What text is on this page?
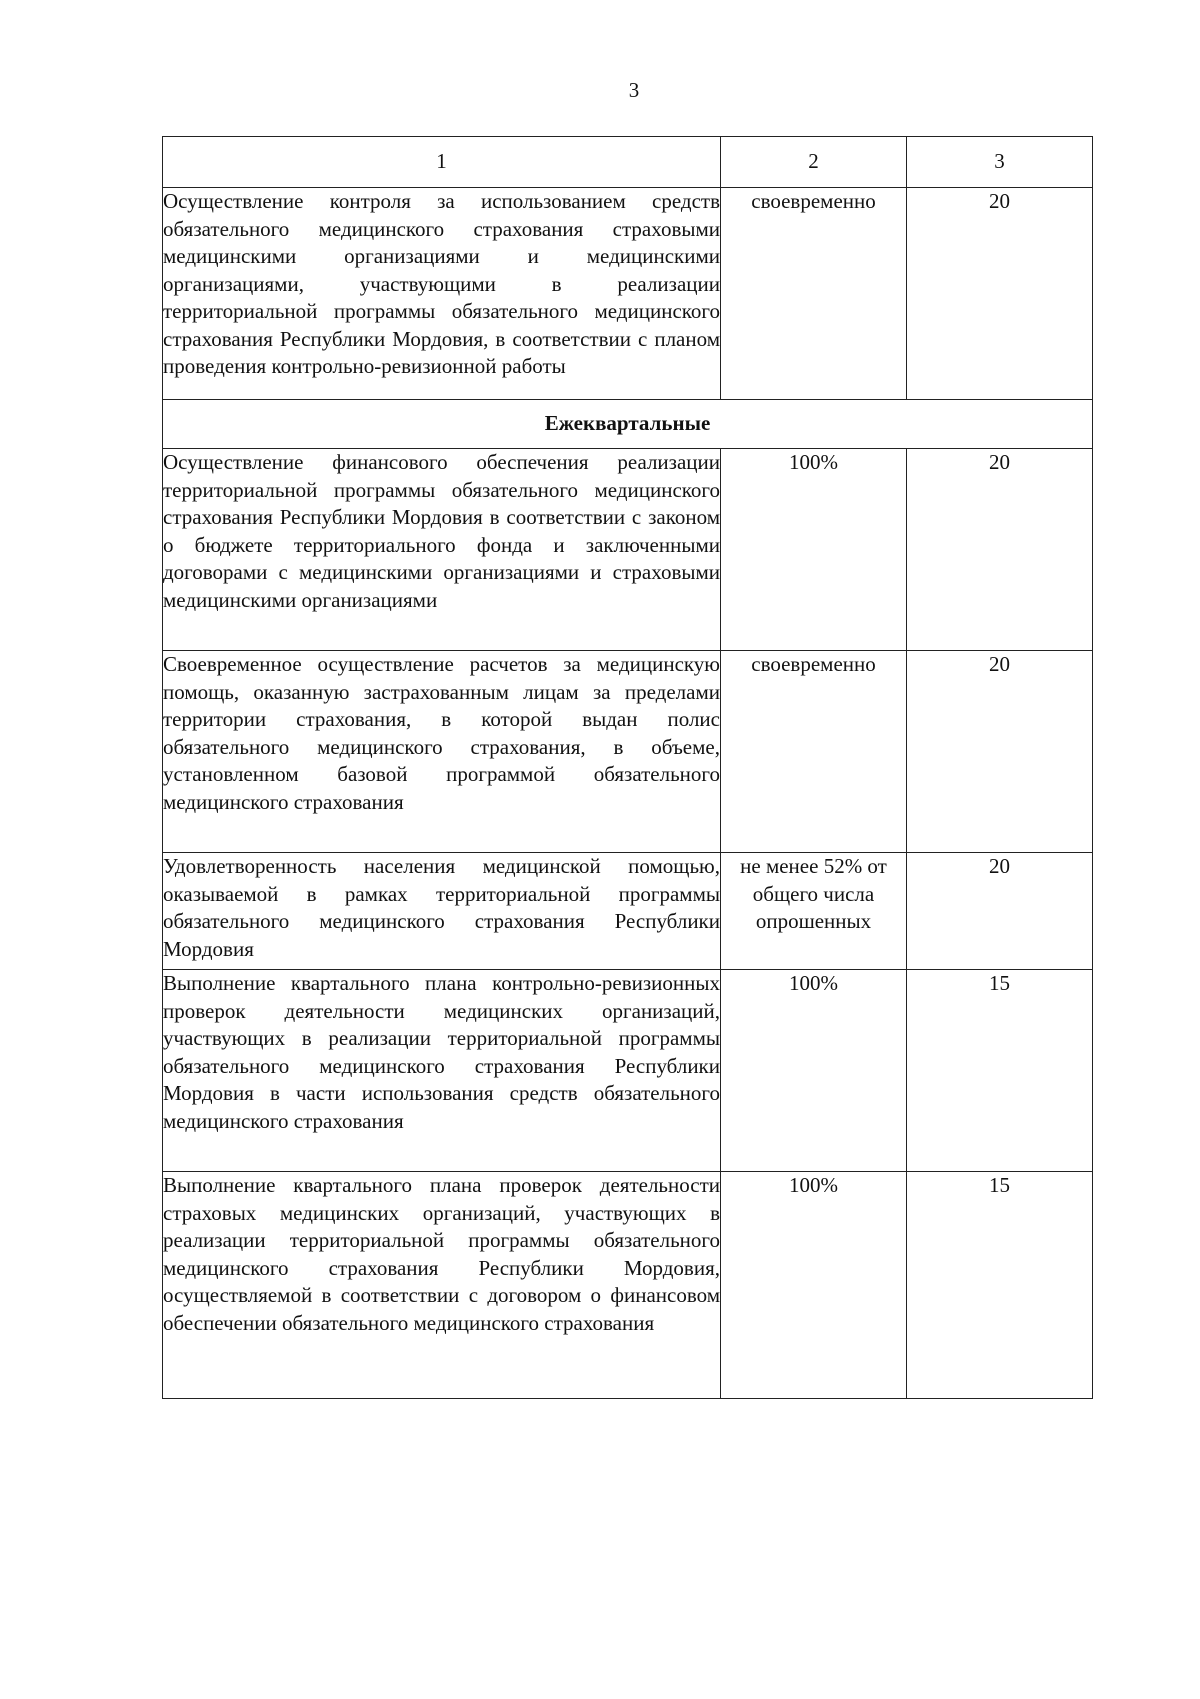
3
1	2	3
Осуществление контроля за использованием средств обязательного медицинского страхования страховыми медицинскими организациями и медицинскими организациями, участвующими в реализации территориальной программы обязательного медицинского страхования Республики Мордовия, в соответствии с планом проведения контрольно-ревизионной работы	своевременно	20
Ежеквартальные		
Осуществление финансового обеспечения реализации территориальной программы обязательного медицинского страхования Республики Мордовия в соответствии с законом о бюджете территориального фонда и заключенными договорами с медицинскими организациями и страховыми медицинскими организациями	100%	20
Своевременное осуществление расчетов за медицинскую помощь, оказанную застрахованным лицам за пределами территории страхования, в которой выдан полис обязательного медицинского страхования, в объеме, установленном базовой программой обязательного медицинского страхования	своевременно	20
Удовлетворенность населения медицинской помощью, оказываемой в рамках территориальной программы обязательного медицинского страхования Республики Мордовия	не менее 52% от общего числа опрошенных	20
Выполнение квартального плана контрольно-ревизионных проверок деятельности медицинских организаций, участвующих в реализации территориальной программы обязательного медицинского страхования Республики Мордовия в части использования средств обязательного медицинского страхования	100%	15
Выполнение квартального плана проверок деятельности страховых медицинских организаций, участвующих в реализации территориальной программы обязательного медицинского страхования Республики Мордовия, осуществляемой в соответствии с договором о финансовом обеспечении обязательного медицинского страхования	100%	15
